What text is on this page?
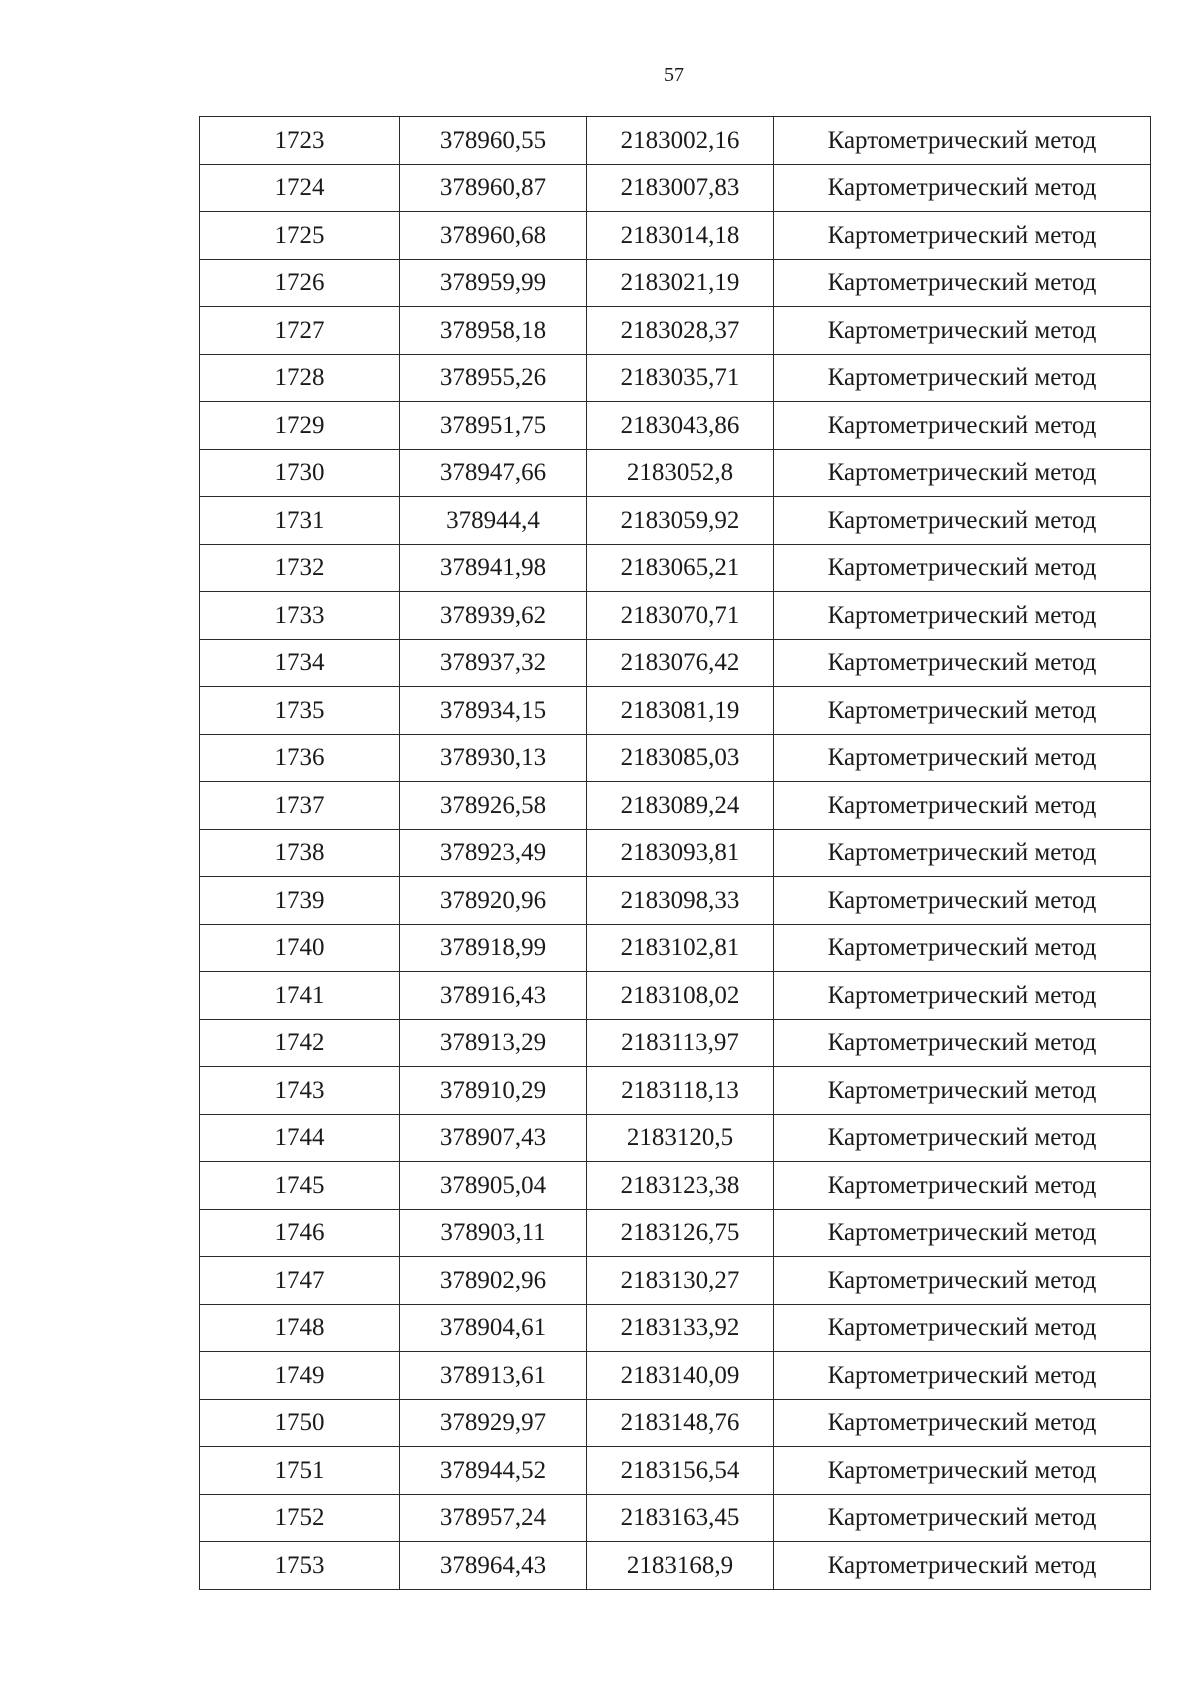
57
1723	378960,55	2183002,16	Картометрический метод
1724	378960,87	2183007,83	Картометрический метод
1725	378960,68	2183014,18	Картометрический метод
1726	378959,99	2183021,19	Картометрический метод
1727	378958,18	2183028,37	Картометрический метод
1728	378955,26	2183035,71	Картометрический метод
1729	378951,75	2183043,86	Картометрический метод
1730	378947,66	2183052,8	Картометрический метод
1731	378944,4	2183059,92	Картометрический метод
1732	378941,98	2183065,21	Картометрический метод
1733	378939,62	2183070,71	Картометрический метод
1734	378937,32	2183076,42	Картометрический метод
1735	378934,15	2183081,19	Картометрический метод
1736	378930,13	2183085,03	Картометрический метод
1737	378926,58	2183089,24	Картометрический метод
1738	378923,49	2183093,81	Картометрический метод
1739	378920,96	2183098,33	Картометрический метод
1740	378918,99	2183102,81	Картометрический метод
1741	378916,43	2183108,02	Картометрический метод
1742	378913,29	2183113,97	Картометрический метод
1743	378910,29	2183118,13	Картометрический метод
1744	378907,43	2183120,5	Картометрический метод
1745	378905,04	2183123,38	Картометрический метод
1746	378903,11	2183126,75	Картометрический метод
1747	378902,96	2183130,27	Картометрический метод
1748	378904,61	2183133,92	Картометрический метод
1749	378913,61	2183140,09	Картометрический метод
1750	378929,97	2183148,76	Картометрический метод
1751	378944,52	2183156,54	Картометрический метод
1752	378957,24	2183163,45	Картометрический метод
1753	378964,43	2183168,9	Картометрический метод
